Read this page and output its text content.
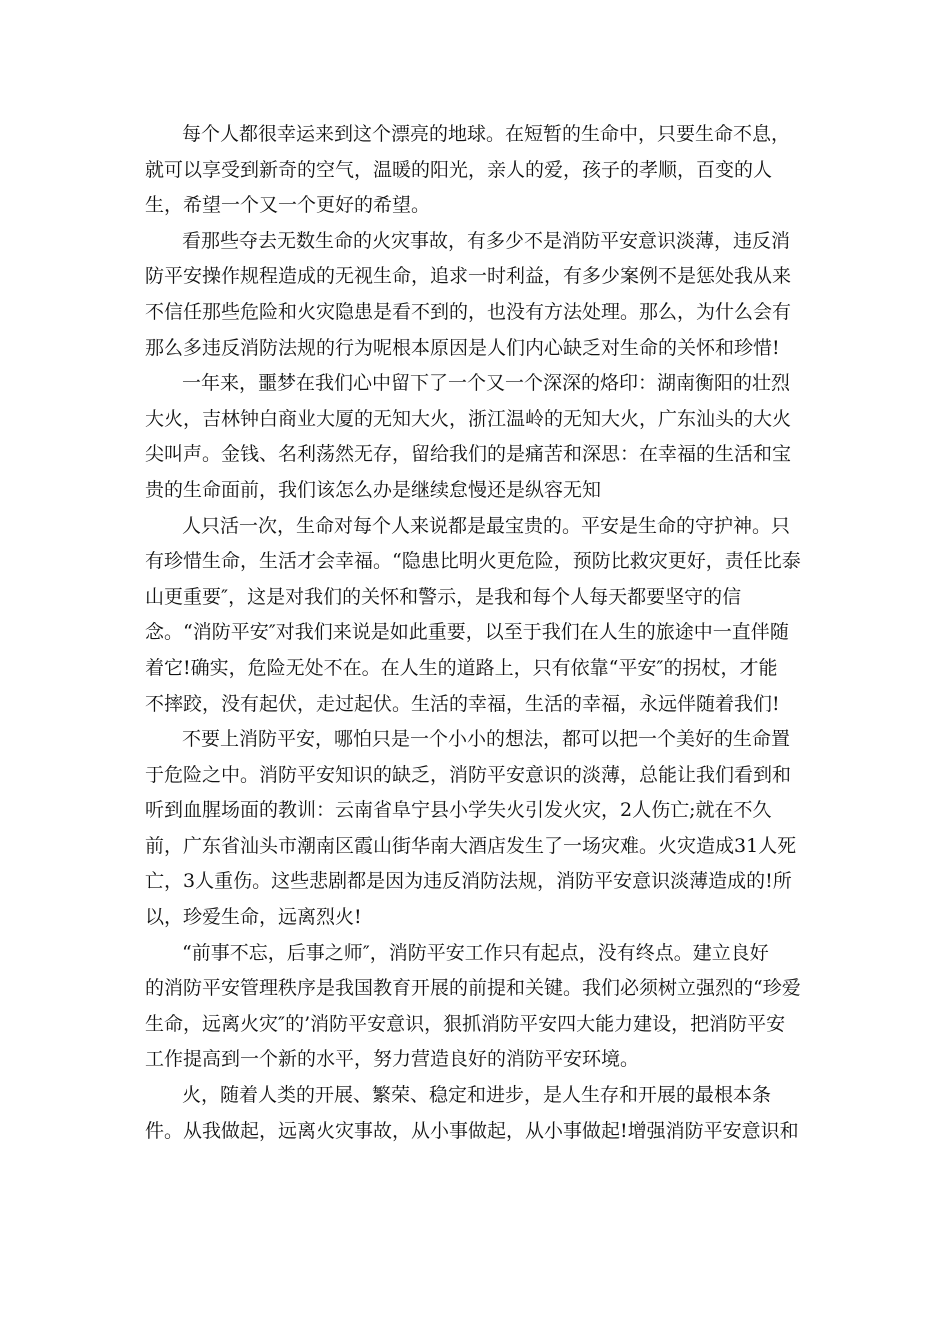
每个人都很幸运来到这个漂亮的地球。在短暂的生命中，只要生命不息，
就可以享受到新奇的空气，温暖的阳光，亲人的爱，孩子的孝顺，百变的人
生，希望一个又一个更好的希望。

看那些夺去无数生命的火灾事故，有多少不是消防平安意识淡薄，违反消
防平安操作规程造成的无视生命，追求一时利益，有多少案例不是惩处我从来
不信任那些危险和火灾隐患是看不到的，也没有方法处理。那么，为什么会有
那么多违反消防法规的行为呢根本原因是人们内心缺乏对生命的关怀和珍惜!

一年来，噩梦在我们心中留下了一个又一个深深的烙印：湖南衡阳的壮烈
大火，吉林钟白商业大厦的无知大火，浙江温岭的无知大火，广东汕头的大火
尖叫声。金钱、名利荡然无存，留给我们的是痛苦和深思：在幸福的生活和宝
贵的生命面前，我们该怎么办是继续怠慢还是纵容无知

人只活一次，生命对每个人来说都是最宝贵的。平安是生命的守护神。只
有珍惜生命，生活才会幸福。“隐患比明火更危险，预防比救灾更好，责任比泰
山更重要″，这是对我们的关怀和警示，是我和每个人每天都要坚守的信
念。“消防平安″对我们来说是如此重要，以至于我们在人生的旅途中一直伴随
着它!确实，危险无处不在。在人生的道路上，只有依靠“平安″的拐杖，才能
不摔跤，没有起伏，走过起伏。生活的幸福，生活的幸福，永远伴随着我们!

不要上消防平安，哪怕只是一个小小的想法，都可以把一个美好的生命置
于危险之中。消防平安知识的缺乏，消防平安意识的淡薄，总能让我们看到和
听到血腥场面的教训：云南省阜宁县小学失火引发火灾，2人伤亡;就在不久
前，广东省汕头市潮南区霞山街华南大酒店发生了一场灾难。火灾造成31人死
亡，3人重伤。这些悲剧都是因为违反消防法规，消防平安意识淡薄造成的!所
以，珍爱生命，远离烈火!

“前事不忘，后事之师″，消防平安工作只有起点，没有终点。建立良好
的消防平安管理秩序是我国教育开展的前提和关键。我们必须树立强烈的“珍爱
生命，远离火灾″的’消防平安意识，狠抓消防平安四大能力建设，把消防平安
工作提高到一个新的水平，努力营造良好的消防平安环境。

火，随着人类的开展、繁荣、稳定和进步，是人生存和开展的最根本条
件。从我做起，远离火灾事故，从小事做起，从小事做起!增强消防平安意识和
